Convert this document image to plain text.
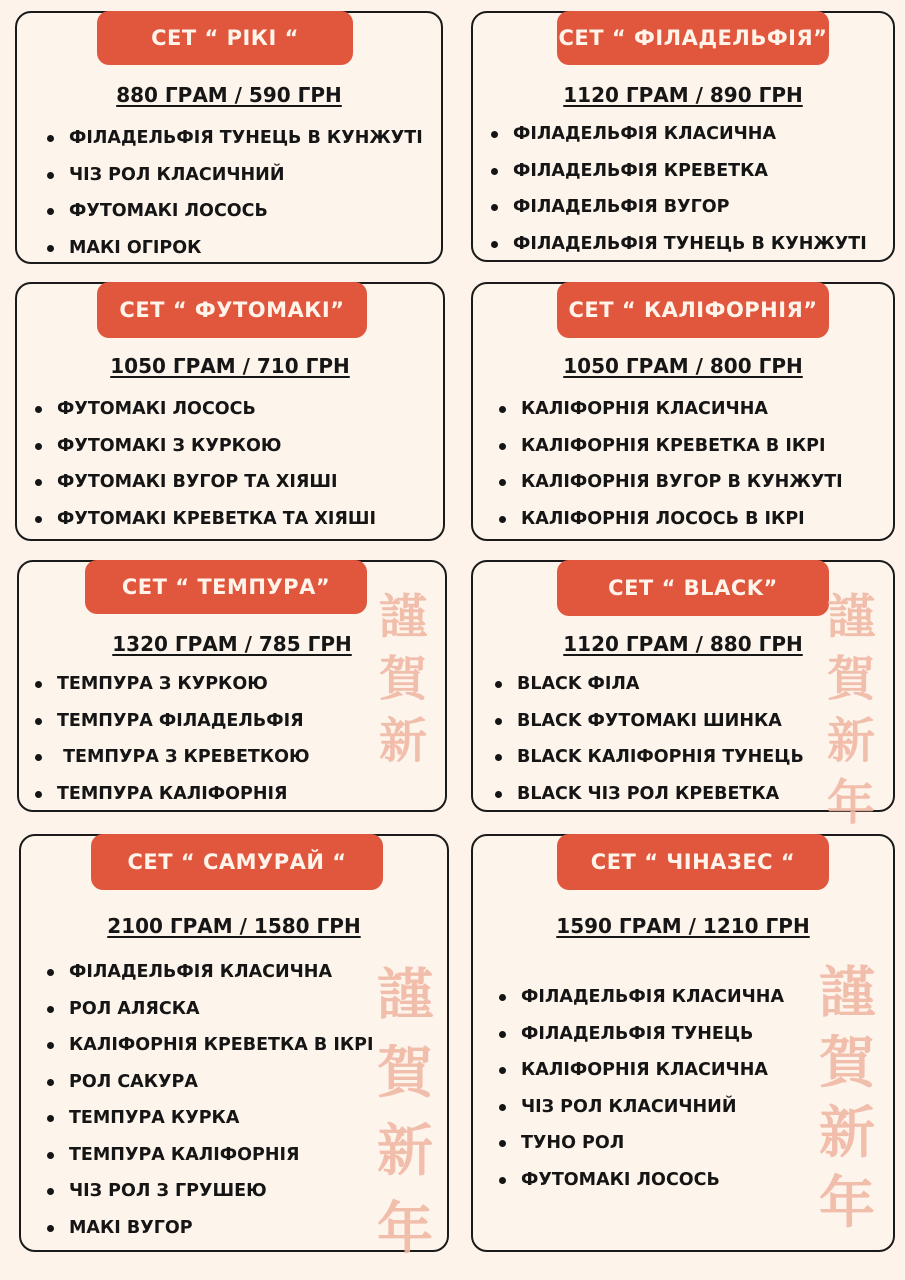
СЕТ “ РІКІ “
880 ГРАМ / 590 ГРН
ФІЛАДЕЛЬФІЯ ТУНЕЦЬ В КУНЖУТІ
ЧІЗ РОЛ КЛАСИЧНИЙ
ФУТОМАКІ ЛОСОСЬ
МАКІ ОГІРОК
СЕТ “ ФІЛАДЕЛЬФІЯ”
1120 ГРАМ / 890 ГРН
ФІЛАДЕЛЬФІЯ КЛАСИЧНА
ФІЛАДЕЛЬФІЯ КРЕВЕТКА
ФІЛАДЕЛЬФІЯ ВУГОР
ФІЛАДЕЛЬФІЯ ТУНЕЦЬ В КУНЖУТІ
СЕТ “ ФУТОМАКІ”
1050 ГРАМ / 710 ГРН
ФУТОМАКІ ЛОСОСЬ
ФУТОМАКІ З КУРКОЮ
ФУТОМАКІ ВУГОР ТА ХІЯШІ
ФУТОМАКІ КРЕВЕТКА ТА ХІЯШІ
СЕТ “ КАЛІФОРНІЯ”
1050 ГРАМ / 800 ГРН
КАЛІФОРНІЯ КЛАСИЧНА
КАЛІФОРНІЯ КРЕВЕТКА В ІКРІ
КАЛІФОРНІЯ ВУГОР В КУНЖУТІ
КАЛІФОРНІЯ ЛОСОСЬ В ІКРІ
СЕТ “ ТЕМПУРА”
1320 ГРАМ / 785 ГРН
ТЕМПУРА З КУРКОЮ
ТЕМПУРА ФІЛАДЕЛЬФІЯ
ТЕМПУРА З КРЕВЕТКОЮ
ТЕМПУРА КАЛІФОРНІЯ
謹
賀
新
СЕТ “ BLACK”
1120 ГРАМ / 880 ГРН
BLACK ФІЛА
BLACK ФУТОМАКІ ШИНКА
BLACK КАЛІФОРНІЯ ТУНЕЦЬ
BLACK ЧІЗ РОЛ КРЕВЕТКА
謹
賀
新
年
СЕТ “ САМУРАЙ “
2100 ГРАМ / 1580 ГРН
ФІЛАДЕЛЬФІЯ КЛАСИЧНА
РОЛ АЛЯСКА
КАЛІФОРНІЯ КРЕВЕТКА В ІКРІ
РОЛ САКУРА
ТЕМПУРА КУРКА
ТЕМПУРА КАЛІФОРНІЯ
ЧІЗ РОЛ З ГРУШЕЮ
МАКІ ВУГОР
謹
賀
新
年
СЕТ “ ЧІНАЗЕС “
1590 ГРАМ / 1210 ГРН
ФІЛАДЕЛЬФІЯ КЛАСИЧНА
ФІЛАДЕЛЬФІЯ ТУНЕЦЬ
КАЛІФОРНІЯ КЛАСИЧНА
ЧІЗ РОЛ КЛАСИЧНИЙ
ТУНО РОЛ
ФУТОМАКІ ЛОСОСЬ
謹
賀
新
年
